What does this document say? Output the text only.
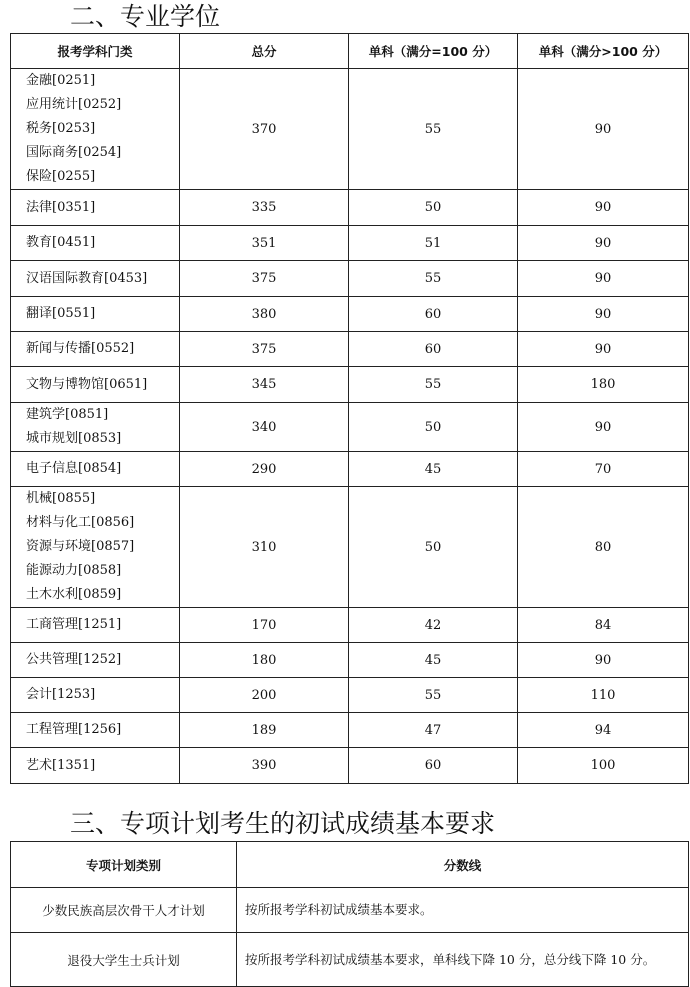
二、专业学位
报考学科门类	总分	单科（满分=100 分）	单科（满分>100 分）

金融[0251]
应用统计[0252]
税务[0253]
国际商务[0254]
保险[0255]	370	55	90

法律[0351]	335	50	90

教育[0451]	351	51	90

汉语国际教育[0453]	375	55	90

翻译[0551]	380	60	90

新闻与传播[0552]	375	60	90

文物与博物馆[0651]	345	55	180

建筑学[0851]
城市规划[0853]	340	50	90

电子信息[0854]	290	45	70

机械[0855]
材料与化工[0856]
资源与环境[0857]
能源动力[0858]
土木水利[0859]	310	50	80

工商管理[1251]	170	42	84

公共管理[1252]	180	45	90

会计[1253]	200	55	110

工程管理[1256]	189	47	94

艺术[1351]	390	60	100
三、专项计划考生的初试成绩基本要求
专项计划类别	分数线
少数民族高层次骨干人才计划	按所报考学科初试成绩基本要求。
退役大学生士兵计划	按所报考学科初试成绩基本要求，单科线下降 10 分，总分线下降 10 分。
